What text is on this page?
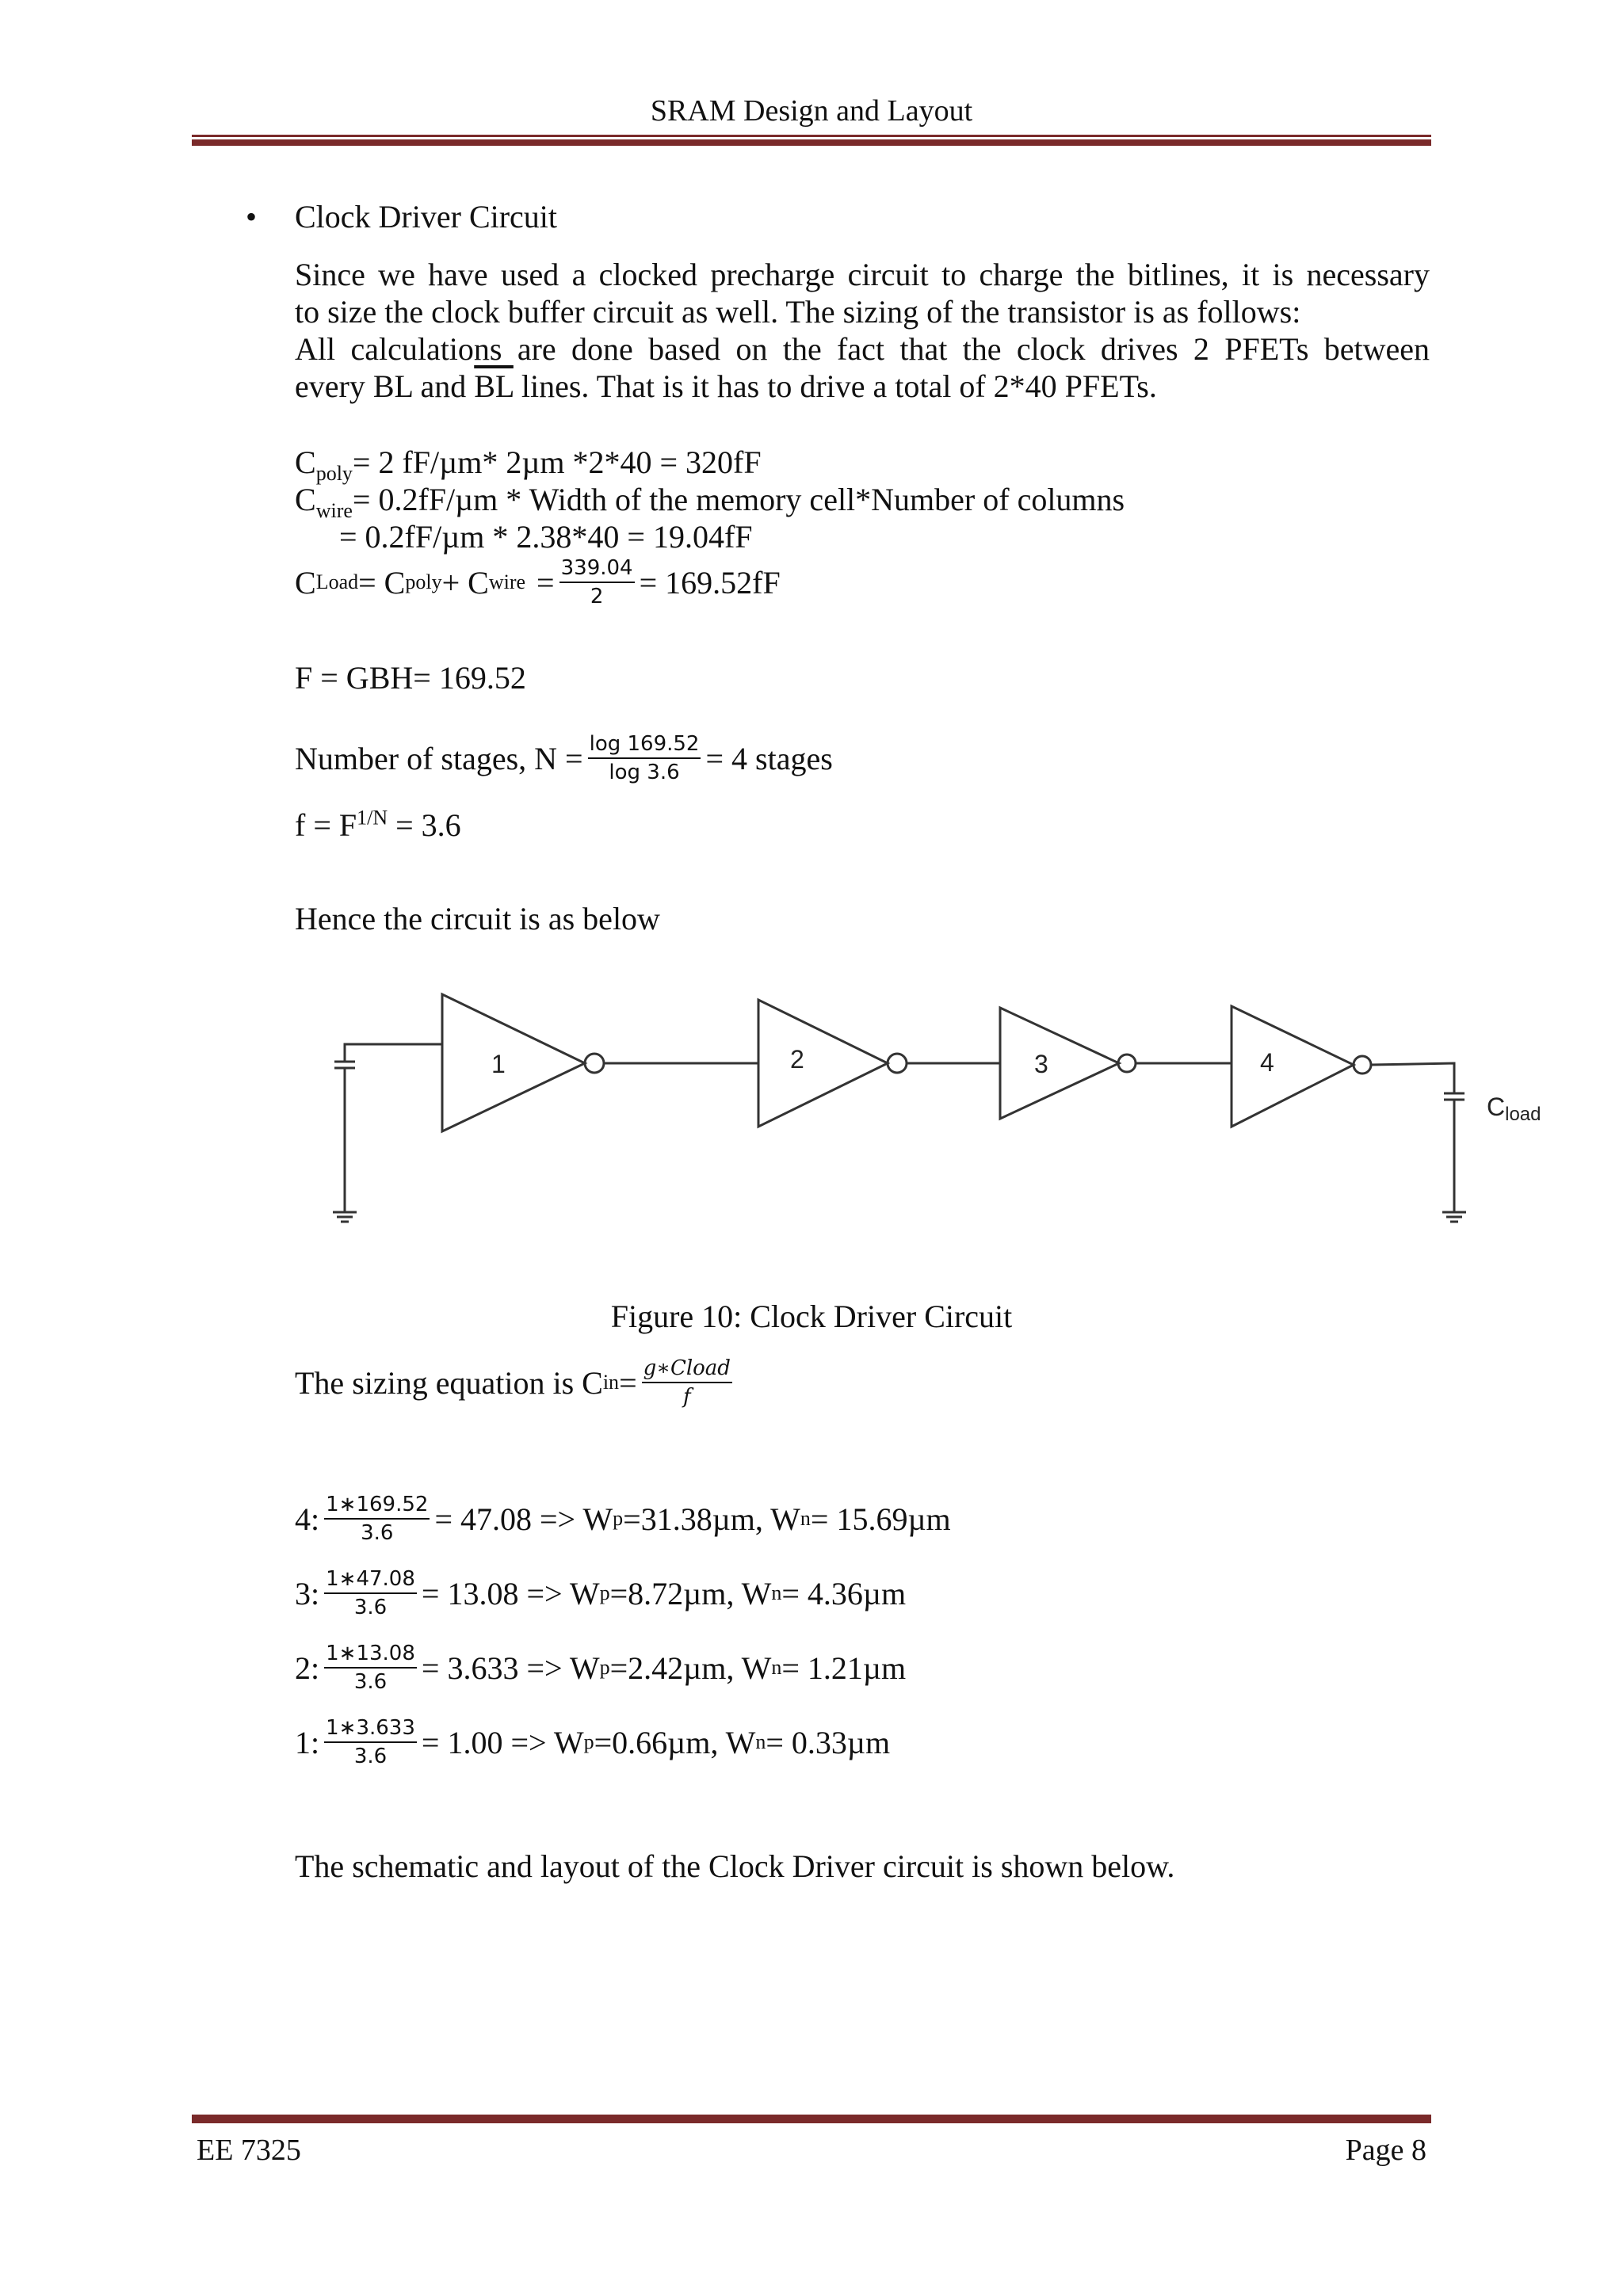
SRAM Design and Layout
• Clock Driver Circuit
Since we have used a clocked precharge circuit to charge the bitlines, it is necessary
to size the clock buffer circuit as well. The sizing of the transistor is as follows:
All calculations are done based on the fact that the clock drives 2 PFETs between
every BL and $\overline{BL}$ lines. That is it has to drive a total of 2*40 PFETs.
$C_{poly}= 2$ fF/µm* 2µm *2*40 = 320fF
$C_{wire}= 0.2fF/\mu m$ * Width of the memory cell*Number of columns
= 0.2fF/µm * 2.38*40 = 19.04fF
C Load = C poly + C wire = $\frac{339.04}{2} = 169.52fF$
F = GBH= 169.52
Number of stages, $N = \frac{\log 169.52}{\log 3.6} = 4$ stages
$f = F^{1/N} = 3.6$
Hence the circuit is as below
1	2	3	4
Cload
Figure 10: Clock Driver Circuit
The sizing equation is C in = $\frac{\text{g∗Cload}}{f}$
4: $\frac{1∗169.52}{3.6} = 47.08 => W$ p =31.38µm, W n = 15.69µm
3: $\frac{1∗47.08}{3.6} = 13.08 => W$ p =8.72µm, W n = 4.36µm
2: $\frac{1∗13.08}{3.6} = 3.633 => W$ p =2.42µm, W n = 1.21µm
1: $\frac{1∗3.633}{3.6} = 1.00 => W$ p =0.66µm, W n = 0.33µm
The schematic and layout of the Clock Driver circuit is shown below.
EE 7325	Page 8
